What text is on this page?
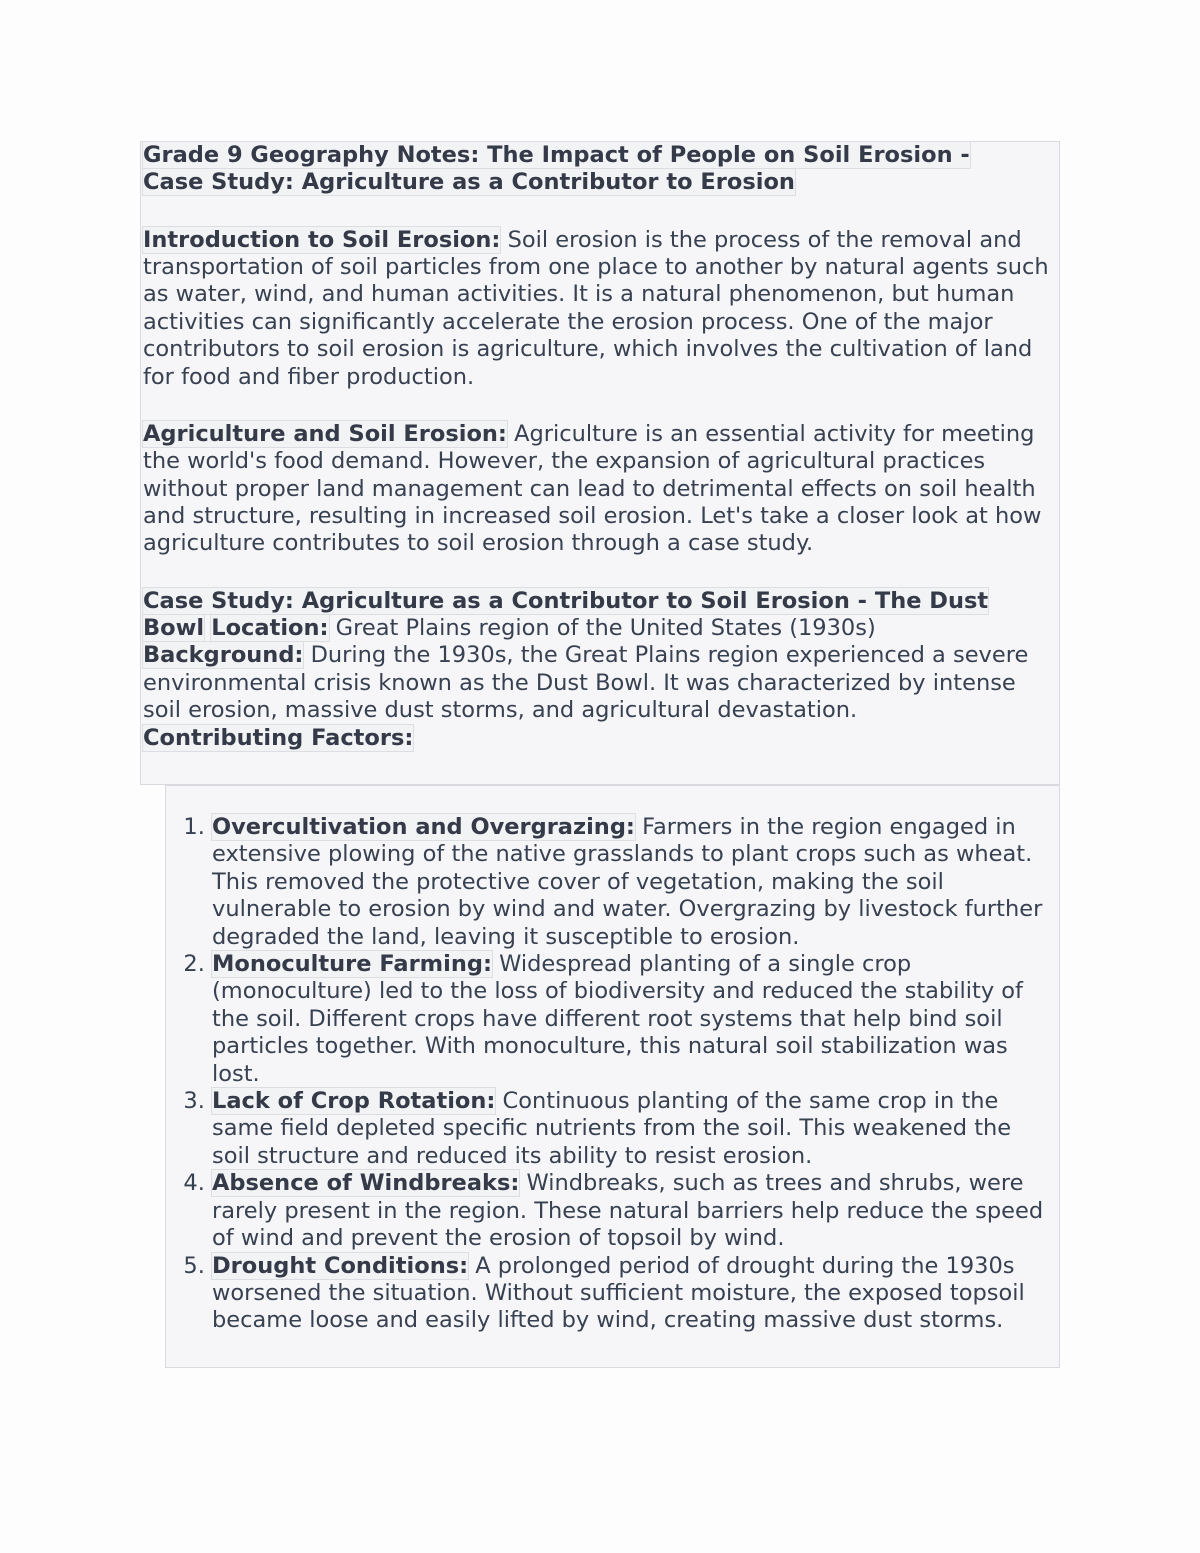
Grade 9 Geography Notes: The Impact of People on Soil Erosion -
Case Study: Agriculture as a Contributor to Erosion

Introduction to Soil Erosion: Soil erosion is the process of the removal and transportation of soil particles from one place to another by natural agents such as water, wind, and human activities. It is a natural phenomenon, but human activities can significantly accelerate the erosion process. One of the major contributors to soil erosion is agriculture, which involves the cultivation of land for food and fiber production.

Agriculture and Soil Erosion: Agriculture is an essential activity for meeting the world's food demand. However, the expansion of agricultural practices without proper land management can lead to detrimental effects on soil health and structure, resulting in increased soil erosion. Let's take a closer look at how agriculture contributes to soil erosion through a case study.

Case Study: Agriculture as a Contributor to Soil Erosion - The Dust
Bowl Location: Great Plains region of the United States (1930s)
Background: During the 1930s, the Great Plains region experienced a severe environmental crisis known as the Dust Bowl. It was characterized by intense soil erosion, massive dust storms, and agricultural devastation.
Contributing Factors:

1. Overcultivation and Overgrazing: Farmers in the region engaged in extensive plowing of the native grasslands to plant crops such as wheat. This removed the protective cover of vegetation, making the soil vulnerable to erosion by wind and water. Overgrazing by livestock further degraded the land, leaving it susceptible to erosion.
2. Monoculture Farming: Widespread planting of a single crop (monoculture) led to the loss of biodiversity and reduced the stability of the soil. Different crops have different root systems that help bind soil particles together. With monoculture, this natural soil stabilization was lost.
3. Lack of Crop Rotation: Continuous planting of the same crop in the same field depleted specific nutrients from the soil. This weakened the soil structure and reduced its ability to resist erosion.
4. Absence of Windbreaks: Windbreaks, such as trees and shrubs, were rarely present in the region. These natural barriers help reduce the speed of wind and prevent the erosion of topsoil by wind.
5. Drought Conditions: A prolonged period of drought during the 1930s worsened the situation. Without sufficient moisture, the exposed topsoil became loose and easily lifted by wind, creating massive dust storms.
